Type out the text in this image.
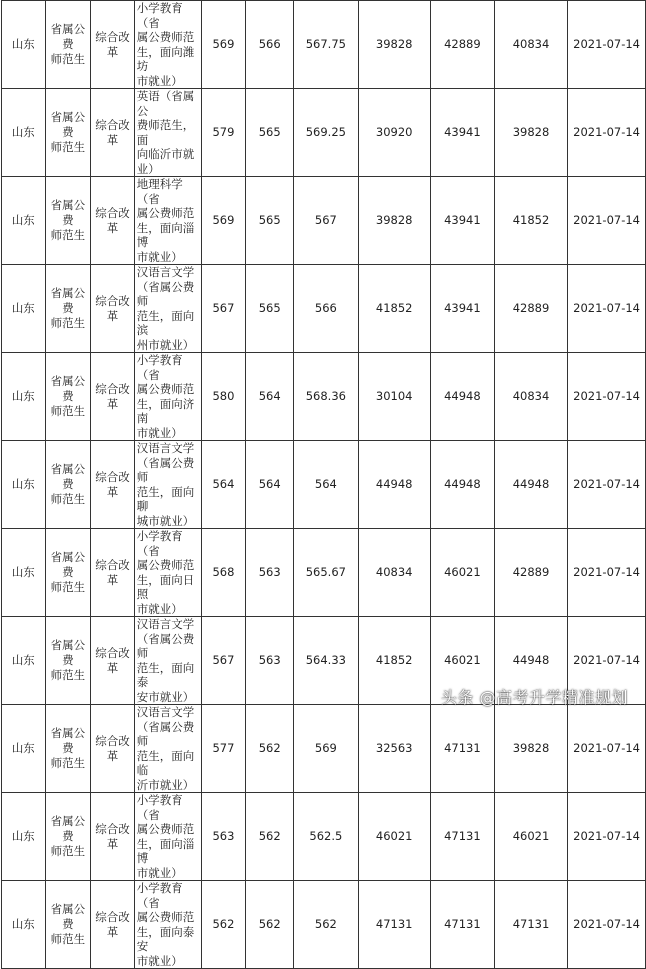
山东	省属公费
师范生	综合改革	小学教育（省
属公费师范
生，面向潍坊
市就业）	569	566	567.75	39828	42889	40834	2021-07-14

山东	省属公费
师范生	综合改革	英语（省属公
费师范生，面
向临沂市就
业）	579	565	569.25	30920	43941	39828	2021-07-14

山东	省属公费
师范生	综合改革	地理科学（省
属公费师范
生，面向淄博
市就业）	569	565	567	39828	43941	41852	2021-07-14

山东	省属公费
师范生	综合改革	汉语言文学
（省属公费师
范生，面向滨
州市就业）	567	565	566	41852	43941	42889	2021-07-14

山东	省属公费
师范生	综合改革	小学教育（省
属公费师范
生，面向济南
市就业）	580	564	568.36	30104	44948	40834	2021-07-14

山东	省属公费
师范生	综合改革	汉语言文学
（省属公费师
范生，面向聊
城市就业）	564	564	564	44948	44948	44948	2021-07-14

山东	省属公费
师范生	综合改革	小学教育（省
属公费师范
生，面向日照
市就业）	568	563	565.67	40834	46021	42889	2021-07-14

山东	省属公费
师范生	综合改革	汉语言文学
（省属公费师
范生，面向泰
安市就业）	567	563	564.33	41852	46021	44948	2021-07-14

山东	省属公费
师范生	综合改革	汉语言文学
（省属公费师
范生，面向临
沂市就业）	577	562	569	32563	47131	39828	2021-07-14

山东	省属公费
师范生	综合改革	小学教育（省
属公费师范
生，面向淄博
市就业）	563	562	562.5	46021	47131	46021	2021-07-14

山东	省属公费
师范生	综合改革	小学教育（省
属公费师范
生，面向泰安
市就业）	562	562	562	47131	47131	47131	2021-07-14
头条 @高考升学精准规划
